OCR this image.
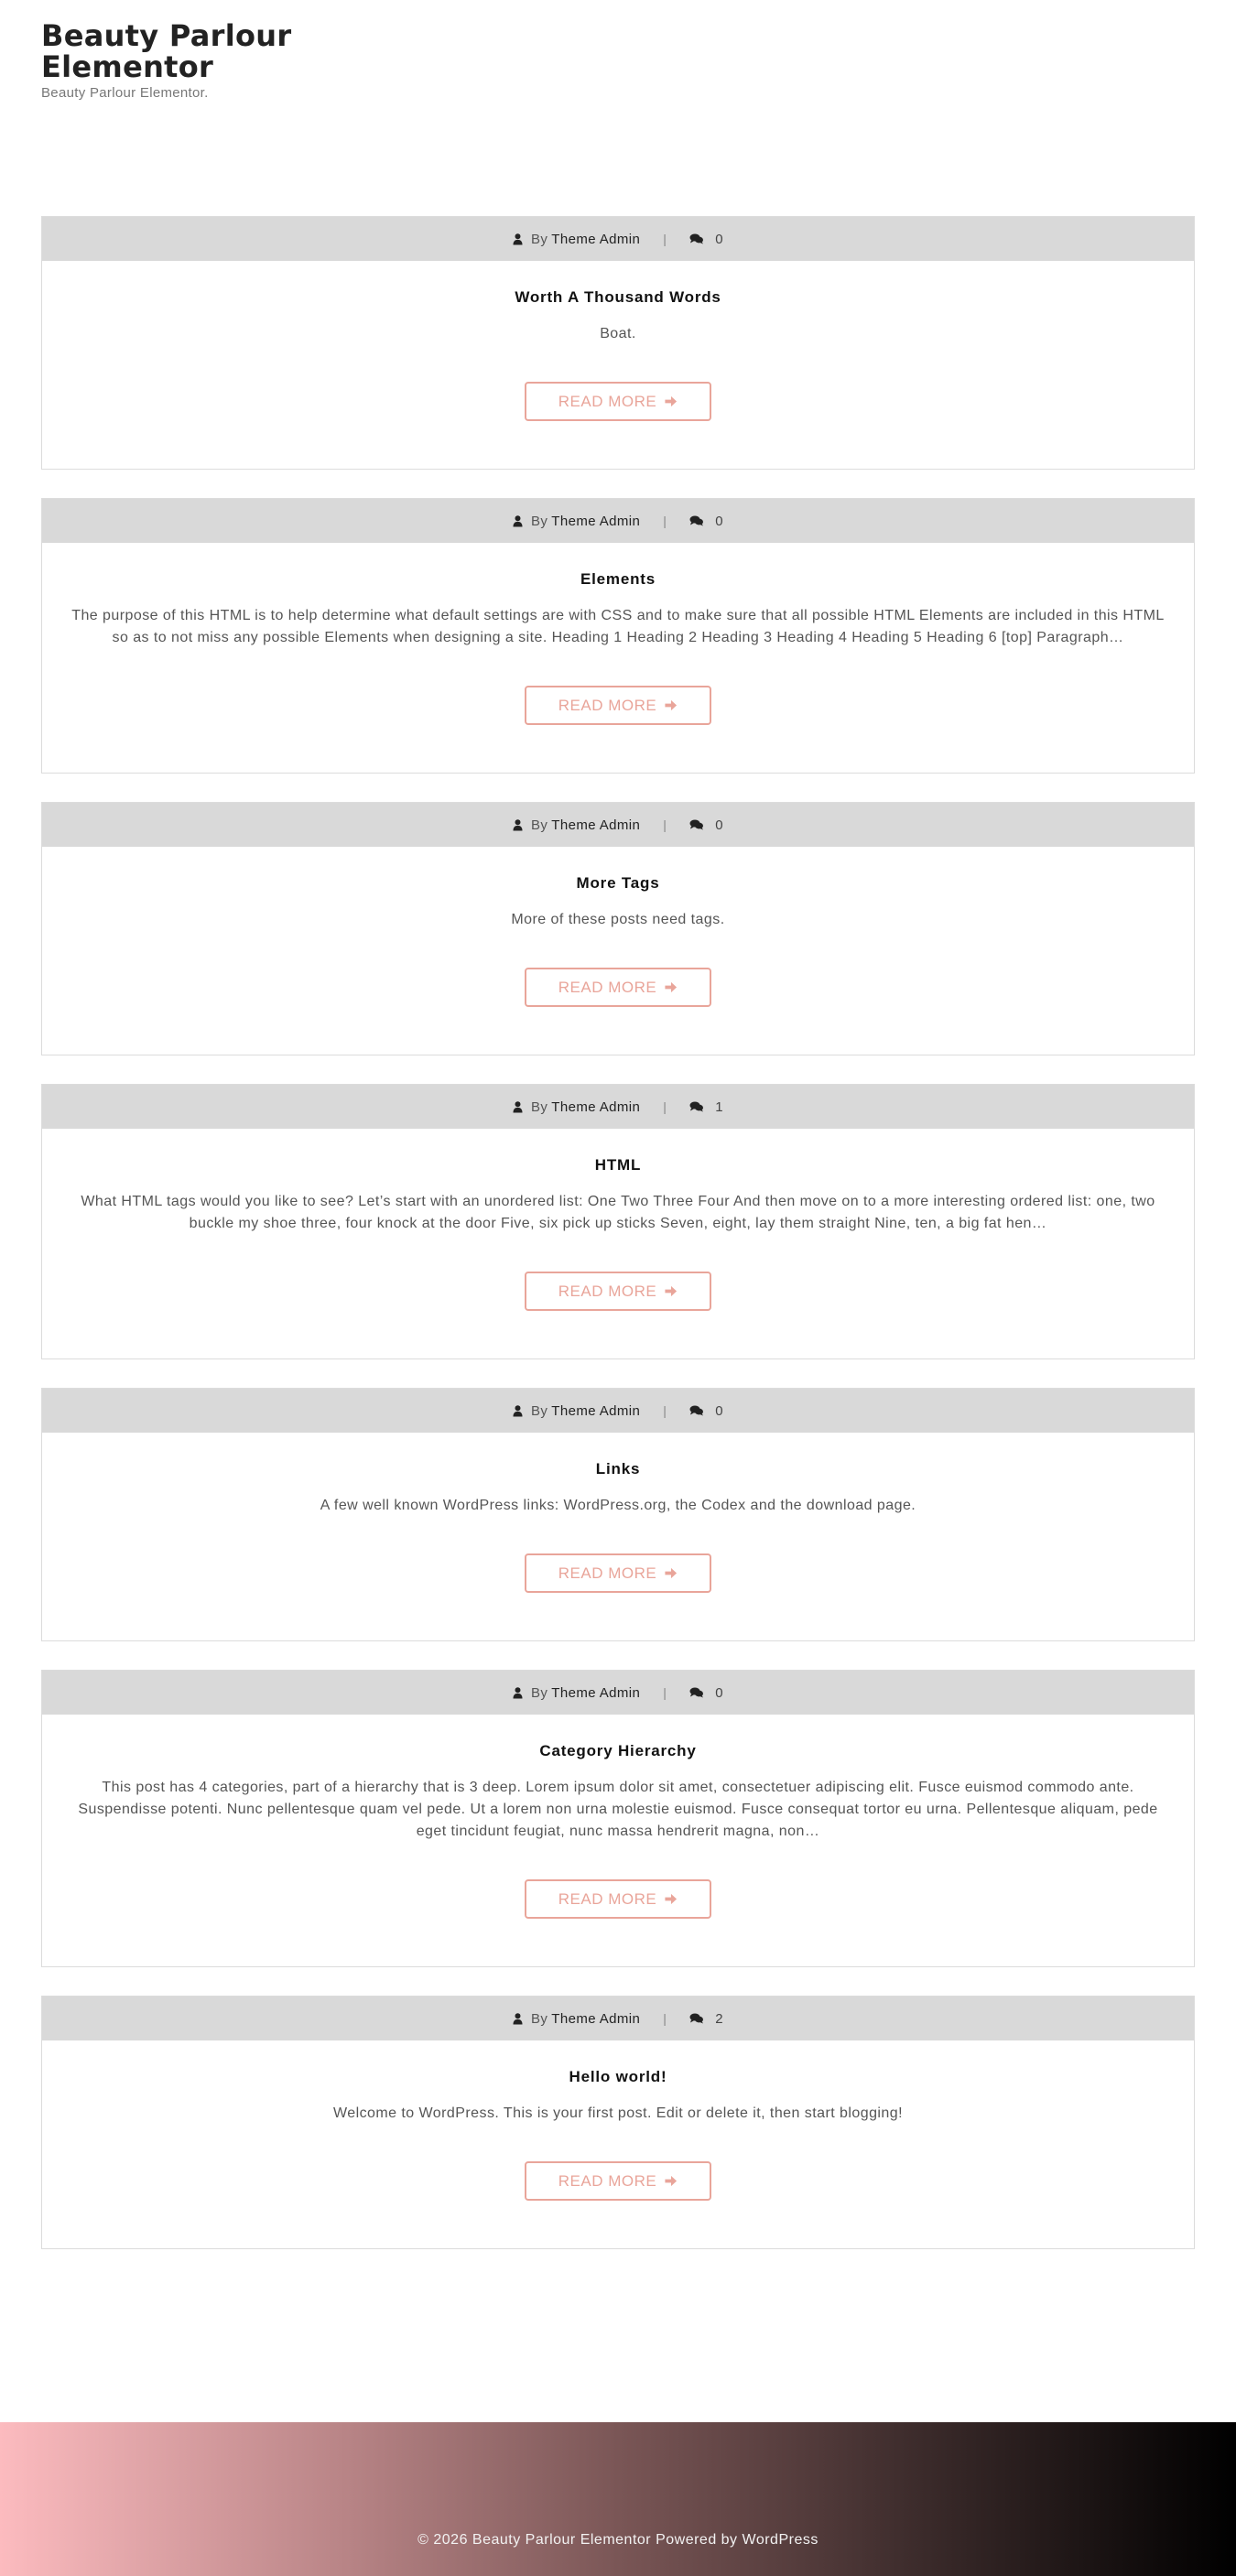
Beauty Parlour Elementor
Beauty Parlour Elementor.
By Theme Admin |	0
Worth A Thousand Words

Boat.

READ MORE
By Theme Admin |	0
Elements

The purpose of this HTML is to help determine what default settings are with CSS and to make sure that all possible HTML Elements are included in this HTML so as to not miss any possible Elements when designing a site. Heading 1 Heading 2 Heading 3 Heading 4 Heading 5 Heading 6 [top] Paragraph…

READ MORE
By Theme Admin |	0
More Tags

More of these posts need tags.

READ MORE
By Theme Admin |	1
HTML

What HTML tags would you like to see? Let’s start with an unordered list: One Two Three Four And then move on to a more interesting ordered list: one, two buckle my shoe three, four knock at the door Five, six pick up sticks Seven, eight, lay them straight Nine, ten, a big fat hen…

READ MORE
By Theme Admin |	0
Links

A few well known WordPress links: WordPress.org, the Codex and the download page.

READ MORE
By Theme Admin |	0
Category Hierarchy

This post has 4 categories, part of a hierarchy that is 3 deep. Lorem ipsum dolor sit amet, consectetuer adipiscing elit. Fusce euismod commodo ante. Suspendisse potenti. Nunc pellentesque quam vel pede. Ut a lorem non urna molestie euismod. Fusce consequat tortor eu urna. Pellentesque aliquam, pede eget tincidunt feugiat, nunc massa hendrerit magna, non…

READ MORE
By Theme Admin |	2
Hello world!

Welcome to WordPress. This is your first post. Edit or delete it, then start blogging!

READ MORE
© 2026 Beauty Parlour Elementor Powered by WordPress
